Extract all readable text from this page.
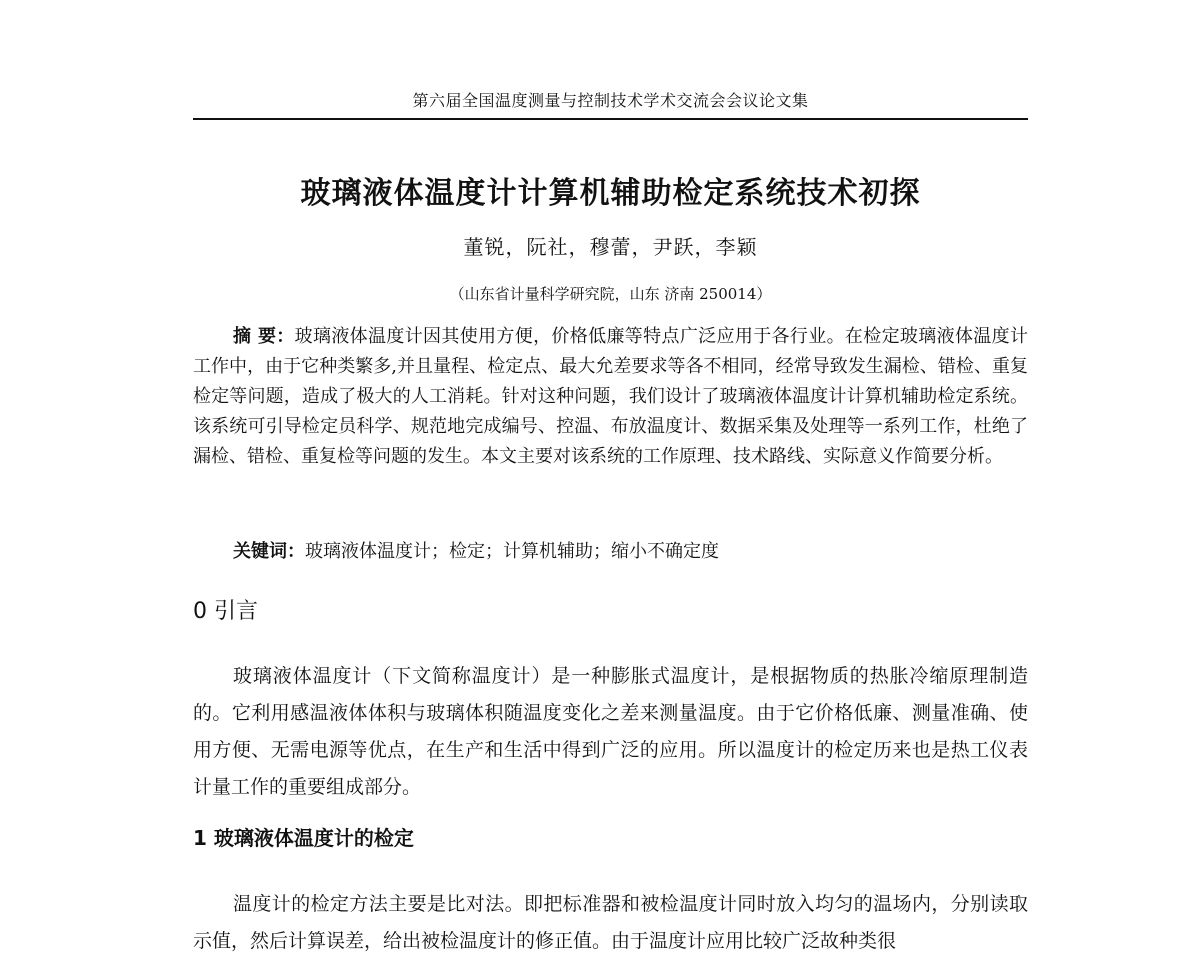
第六届全国温度测量与控制技术学术交流会会议论文集
玻璃液体温度计计算机辅助检定系统技术初探
董锐，阮社，穆蕾，尹跃，李颖
（山东省计量科学研究院，山东 济南 250014）
摘 要：玻璃液体温度计因其使用方便，价格低廉等特点广泛应用于各行业。在检定玻璃液体温度计工作中，由于它种类繁多,并且量程、检定点、最大允差要求等各不相同，经常导致发生漏检、错检、重复检定等问题，造成了极大的人工消耗。针对这种问题，我们设计了玻璃液体温度计计算机辅助检定系统。该系统可引导检定员科学、规范地完成编号、控温、布放温度计、数据采集及处理等一系列工作，杜绝了漏检、错检、重复检等问题的发生。本文主要对该系统的工作原理、技术路线、实际意义作简要分析。
关键词：玻璃液体温度计；检定；计算机辅助；缩小不确定度
0 引言
玻璃液体温度计（下文简称温度计）是一种膨胀式温度计，是根据物质的热胀冷缩原理制造的。它利用感温液体体积与玻璃体积随温度变化之差来测量温度。由于它价格低廉、测量准确、使用方便、无需电源等优点，在生产和生活中得到广泛的应用。所以温度计的检定历来也是热工仪表计量工作的重要组成部分。
1 玻璃液体温度计的检定
温度计的检定方法主要是比对法。即把标准器和被检温度计同时放入均匀的温场内，分别读取示值，然后计算误差，给出被检温度计的修正值。由于温度计应用比较广泛故种类很
